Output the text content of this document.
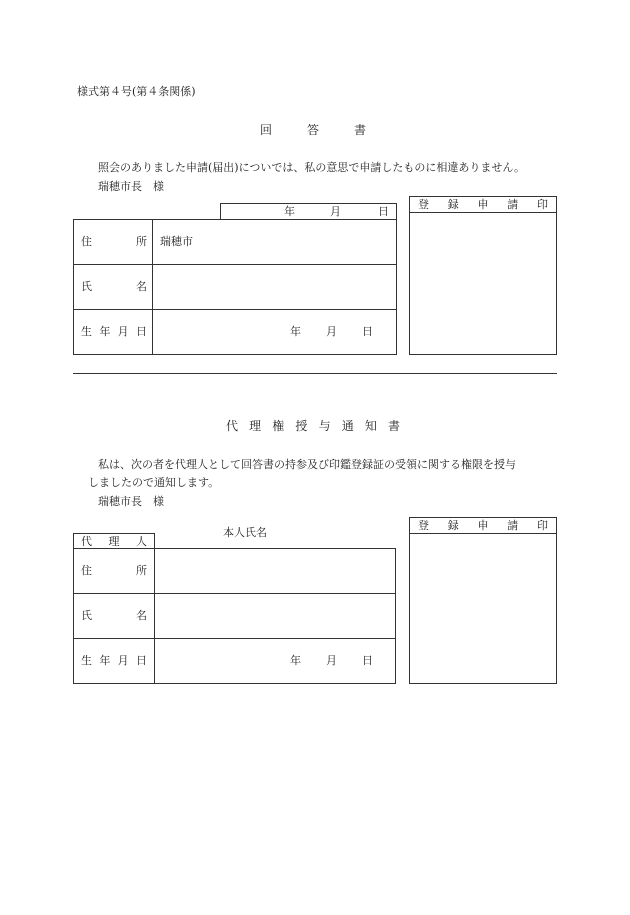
様式第４号(第４条関係)
回	答	書
照会のありました申請(届出)についでは、私の意思で申請したものに相違ありません。
瑞穂市長　様
年	月	日
住	所 瑞穂市
氏	名
生 年 月 日	年 月 日
登 録 申 請 印
代 理 権 授 与 通 知 書
私は、次の者を代理人として回答書の持参及び印鑑登録証の受領に関する権限を授与
しましたので通知します。
瑞穂市長　様
本人氏名
代 理 人
住	所
氏	名
生 年 月 日	年 月 日
登 録 申 請 印
